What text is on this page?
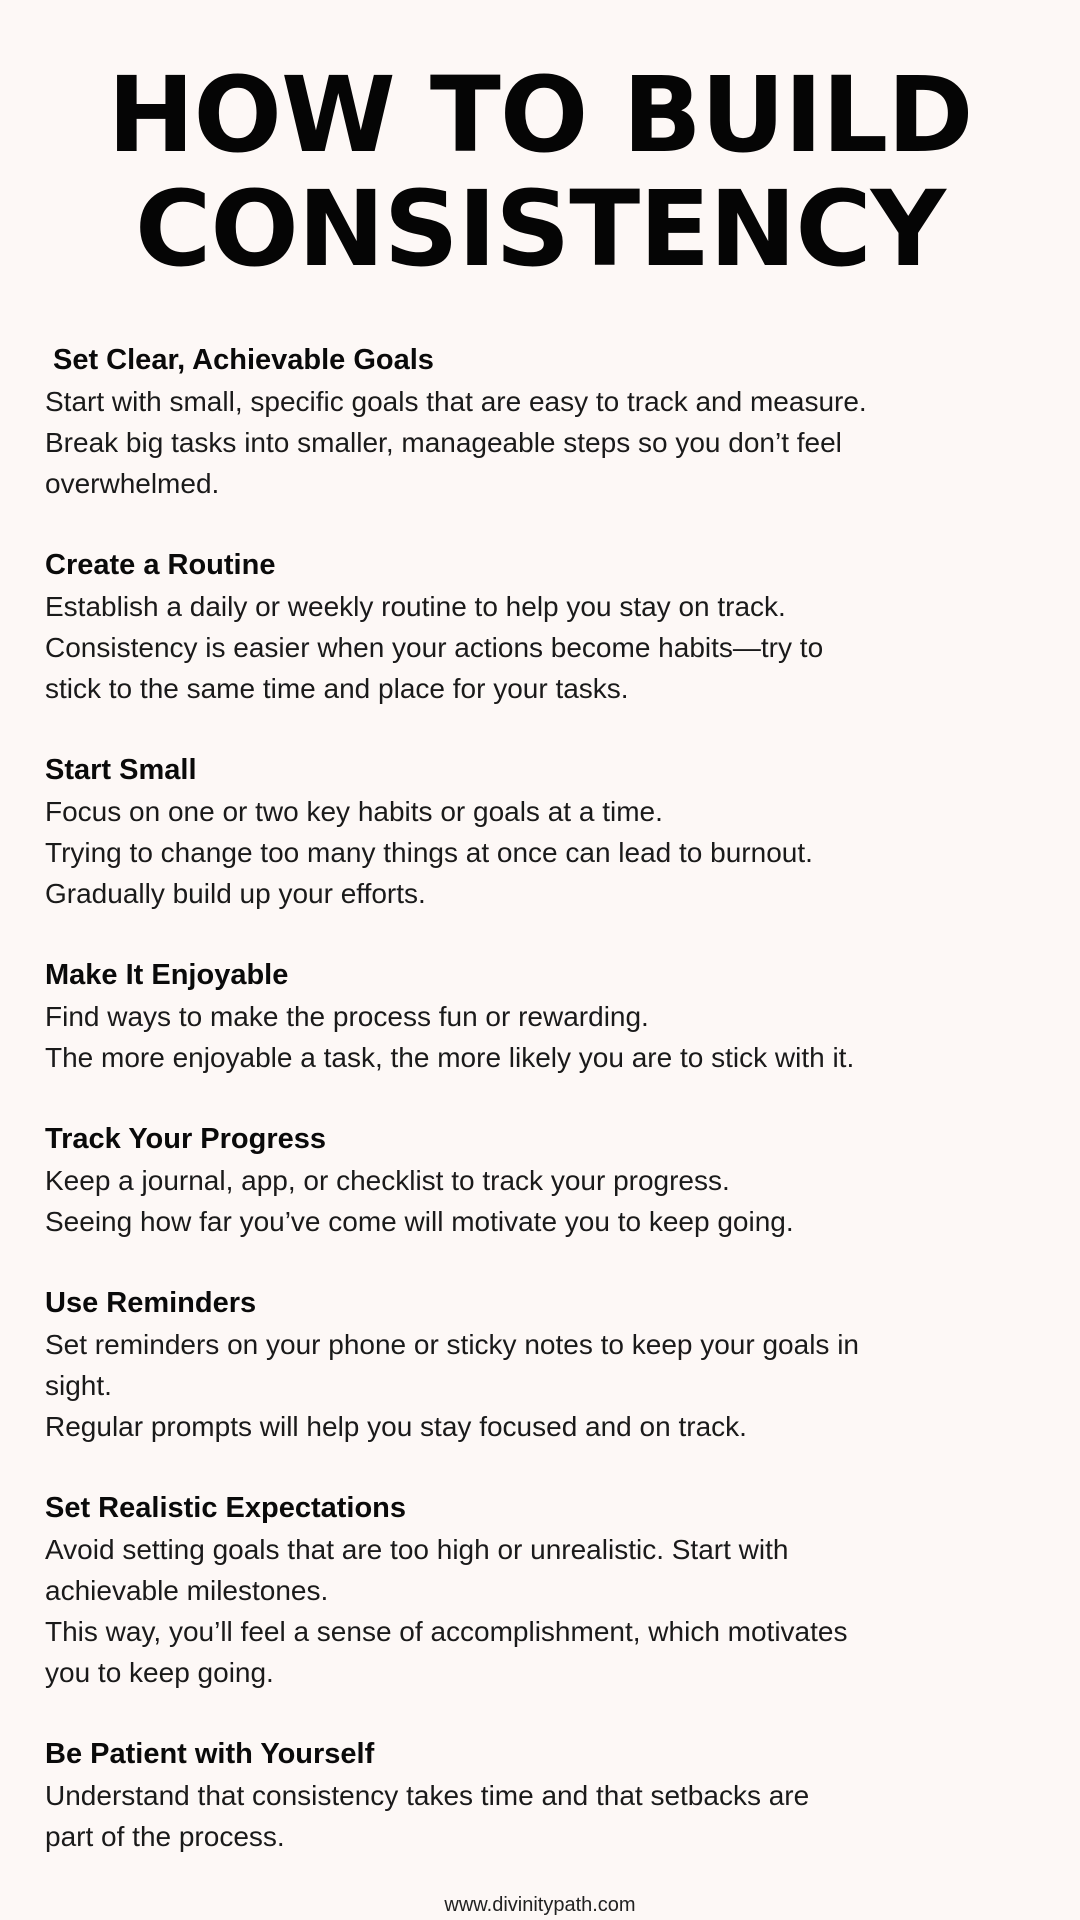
HOW TO BUILD
CONSISTENCY
Set Clear, Achievable Goals

Start with small, specific goals that are easy to track and measure.

Break big tasks into smaller, manageable steps so you don’t feel

overwhelmed.

Create a Routine

Establish a daily or weekly routine to help you stay on track.

Consistency is easier when your actions become habits—try to

stick to the same time and place for your tasks.

Start Small

Focus on one or two key habits or goals at a time.

Trying to change too many things at once can lead to burnout.

Gradually build up your efforts.

Make It Enjoyable

Find ways to make the process fun or rewarding.

The more enjoyable a task, the more likely you are to stick with it.

Track Your Progress

Keep a journal, app, or checklist to track your progress.

Seeing how far you’ve come will motivate you to keep going.

Use Reminders

Set reminders on your phone or sticky notes to keep your goals in

sight.

Regular prompts will help you stay focused and on track.

Set Realistic Expectations

Avoid setting goals that are too high or unrealistic. Start with

achievable milestones.

This way, you’ll feel a sense of accomplishment, which motivates

you to keep going.

Be Patient with Yourself

Understand that consistency takes time and that setbacks are

part of the process.

www.divinitypath.com
